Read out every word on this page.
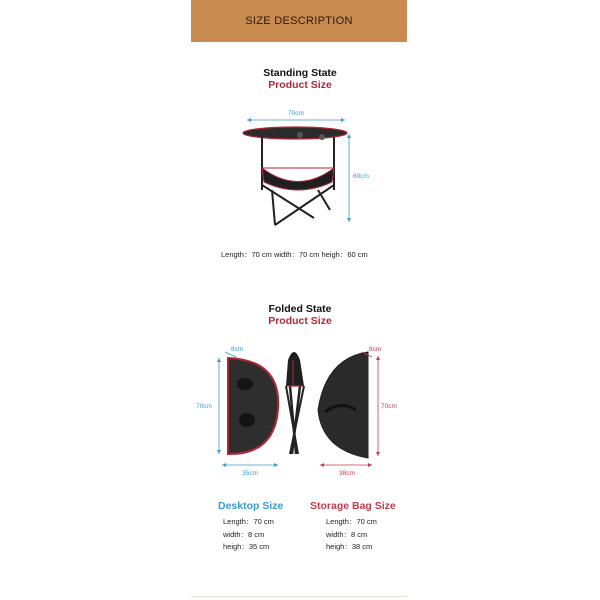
SIZE DESCRIPTION
Standing State
Product Size
70cm
60cm
Length：70 cm width：70 cm heigh：60 cm
Folded State
Product Size
8cm
70cm
35cm
8cm
70cm
38cm
Desktop Size
Length：70 cm
width：8 cm
heigh：35 cm
Storage Bag Size
Length：70 cm
width：8 cm
heigh：38 cm
